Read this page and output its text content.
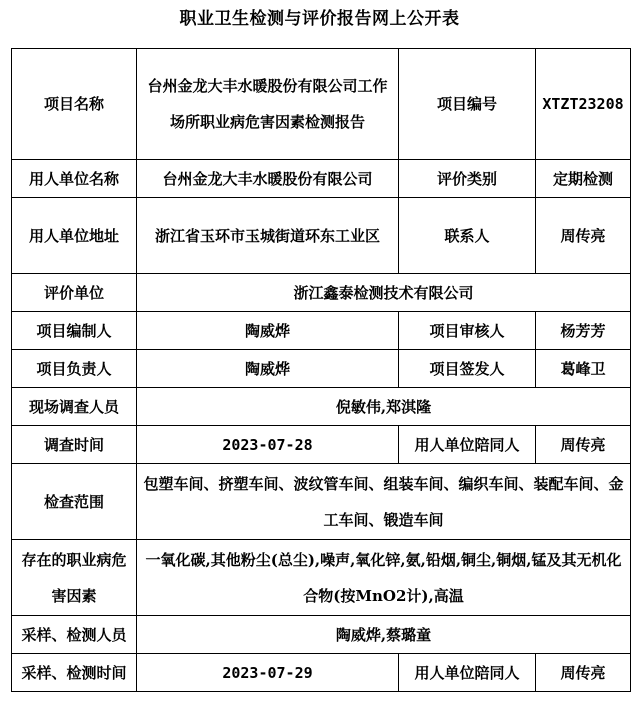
职业卫生检测与评价报告网上公开表
项目名称	台州金龙大丰水暖股份有限公司工作场所职业病危害因素检测报告	项目编号	XTZT23208
用人单位名称	台州金龙大丰水暖股份有限公司	评价类别	定期检测
用人单位地址	浙江省玉环市玉城街道环东工业区	联系人	周传亮
评价单位	浙江鑫泰检测技术有限公司		
项目编制人	陶威烨	项目审核人	杨芳芳
项目负责人	陶威烨	项目签发人	葛峰卫
现场调查人员	倪敏伟,郑淇隆		
调查时间	2023-07-28	用人单位陪同人	周传亮
检查范围	包塑车间、挤塑车间、波纹管车间、组装车间、编织车间、装配车间、金工车间、锻造车间		
存在的职业病危害因素	一氧化碳,其他粉尘(总尘),噪声,氧化锌,氨,铅烟,铜尘,铜烟,锰及其无机化合物(按MnO2计),高温		
采样、检测人员	陶威烨,蔡璐童		
采样、检测时间	2023-07-29	用人单位陪同人	周传亮
